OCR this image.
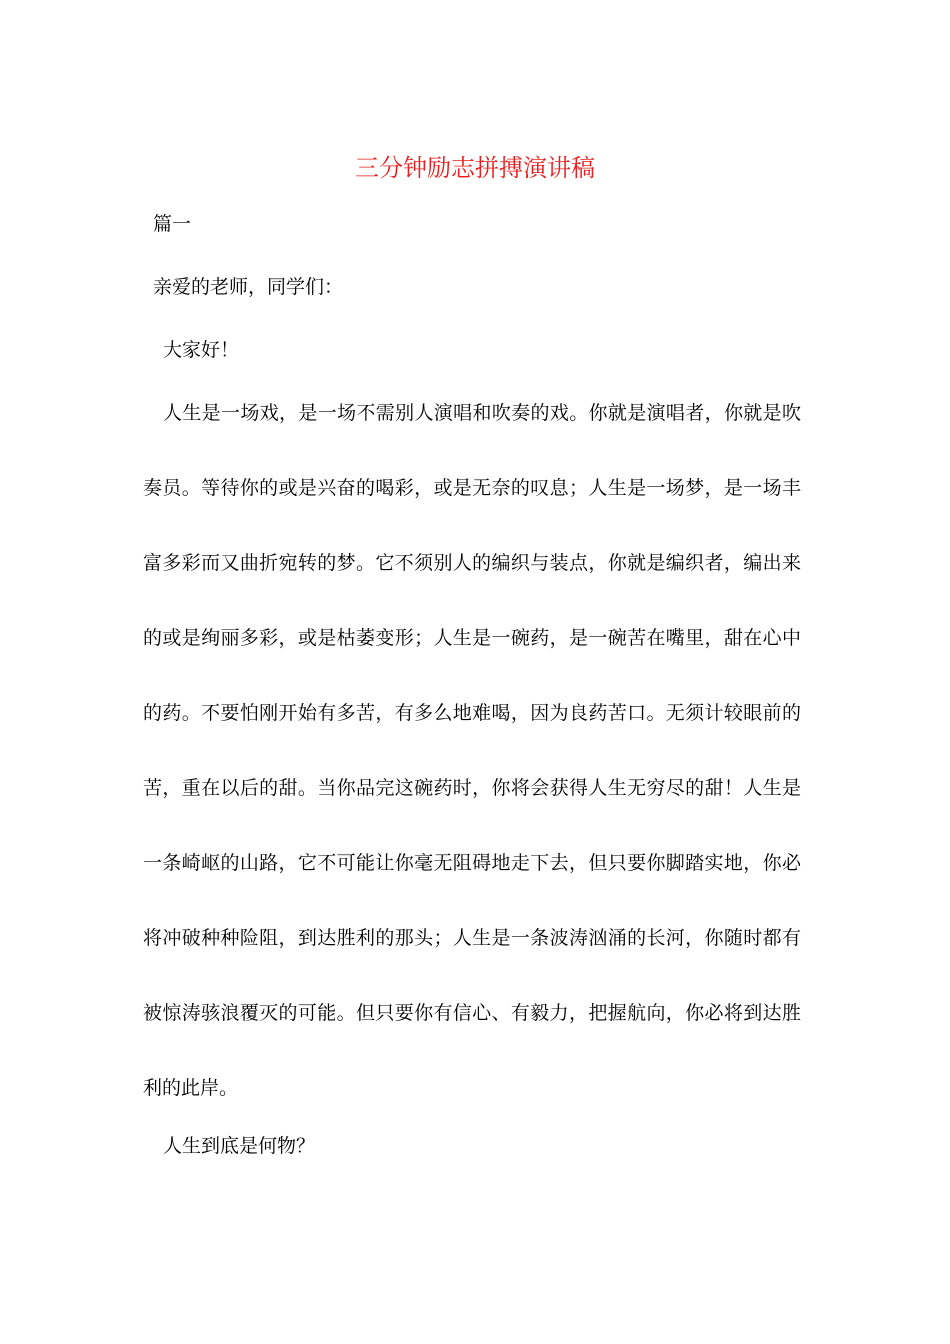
三分钟励志拼搏演讲稿

篇一

亲爱的老师，同学们：

大家好！

人生是一场戏，是一场不需别人演唱和吹奏的戏。你就是演唱者，你就是吹
奏员。等待你的或是兴奋的喝彩，或是无奈的叹息；人生是一场梦，是一场丰
富多彩而又曲折宛转的梦。它不须别人的编织与装点，你就是编织者，编出来
的或是绚丽多彩，或是枯萎变形；人生是一碗药，是一碗苦在嘴里，甜在心中
的药。不要怕刚开始有多苦，有多么地难喝，因为良药苦口。无须计较眼前的
苦，重在以后的甜。当你品完这碗药时，你将会获得人生无穷尽的甜！人生是
一条崎岖的山路，它不可能让你毫无阻碍地走下去，但只要你脚踏实地，你必
将冲破种种险阻，到达胜利的那头；人生是一条波涛汹涌的长河，你随时都有
被惊涛骇浪覆灭的可能。但只要你有信心、有毅力，把握航向，你必将到达胜
利的此岸。

人生到底是何物？
